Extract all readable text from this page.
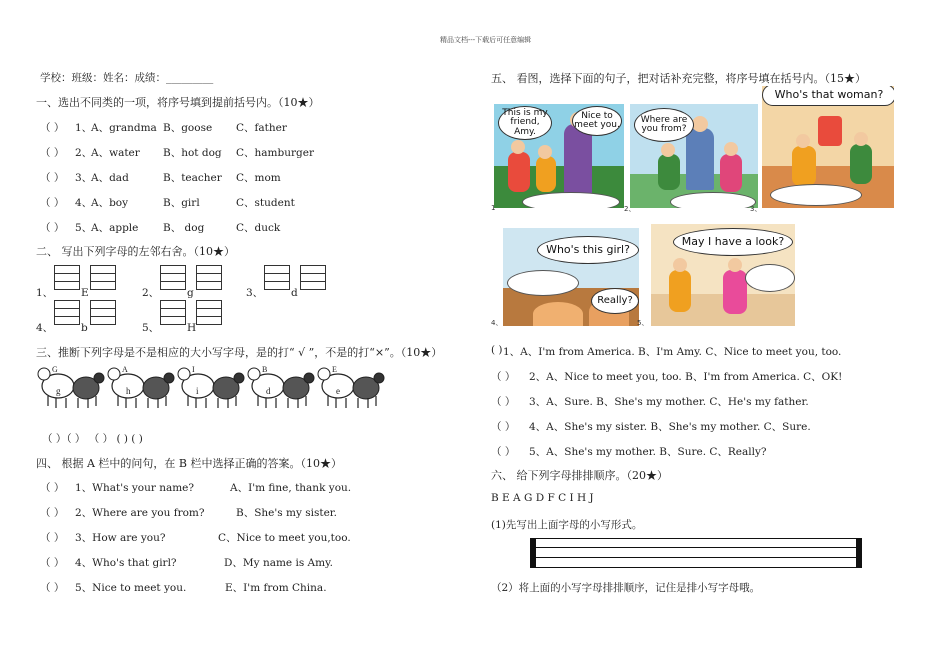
精品文档---下载后可任意编辑
学校：班级：姓名：成绩：_________
一、选出不同类的一项，将序号填到提前括号内。（10★）
（ ） 1、
A、grandma B、goose C、father
（ ） 2、
A、water B、hot dog C、hamburger
（ ） 3、
A、dad	B、teacher C、mom
（ ） 4、
A、boy	B、girl	C、student
（ ） 5、
A、apple B、 dog	C、duck
二、 写出下列字母的左邻右舍。（10★）
1、	E	2、	g	3、	d
4、	b	5、	H
三、推断下列字母是不是相应的大小写字母，是的打“ √ ”，不是的打“×”。（10★）
G
g
A
h
I
i
B
d
E
e
（ ）（ ） （ ） ( ) ( )
四、 根据 A 栏中的问句，在 B 栏中选择正确的答案。（10★）
（ ） 1、What's your name?	A、I'm fine, thank you.
（ ） 2、Where are you from?	B、She's my sister.
（ ） 3、How are you?	C、Nice to meet you,too.
（ ） 4、Who's that girl?	D、My name is Amy.
（ ） 5、Nice to meet you.	E、I'm from China.
五、 看图，选择下面的句子，把对话补充完整，将序号填在括号内。（15★）
This is my friend, Amy.
Nice to meet you.
1
Where are you from?
2、
Who's that woman?
3、
Who's this girl?
Really?
4、
May I have a look?
5、
( ) 1、A、I'm from America. B、I'm Amy. C、Nice to meet you, too.
（ ） 2、A、Nice to meet you, too. B、I'm from America. C、OK!
（ ） 3、A、Sure. B、She's my mother. C、He's my father.
（ ） 4、A、She's my sister. B、She's my mother. C、Sure.
（ ） 5、A、She's my mother. B、Sure. C、Really?
六、 给下列字母排排顺序。（20★）
B E A G D F C I H J
(1)先写出上面字母的小写形式。
（2）将上面的小写字母排排顺序，记住是排小写字母哦。
